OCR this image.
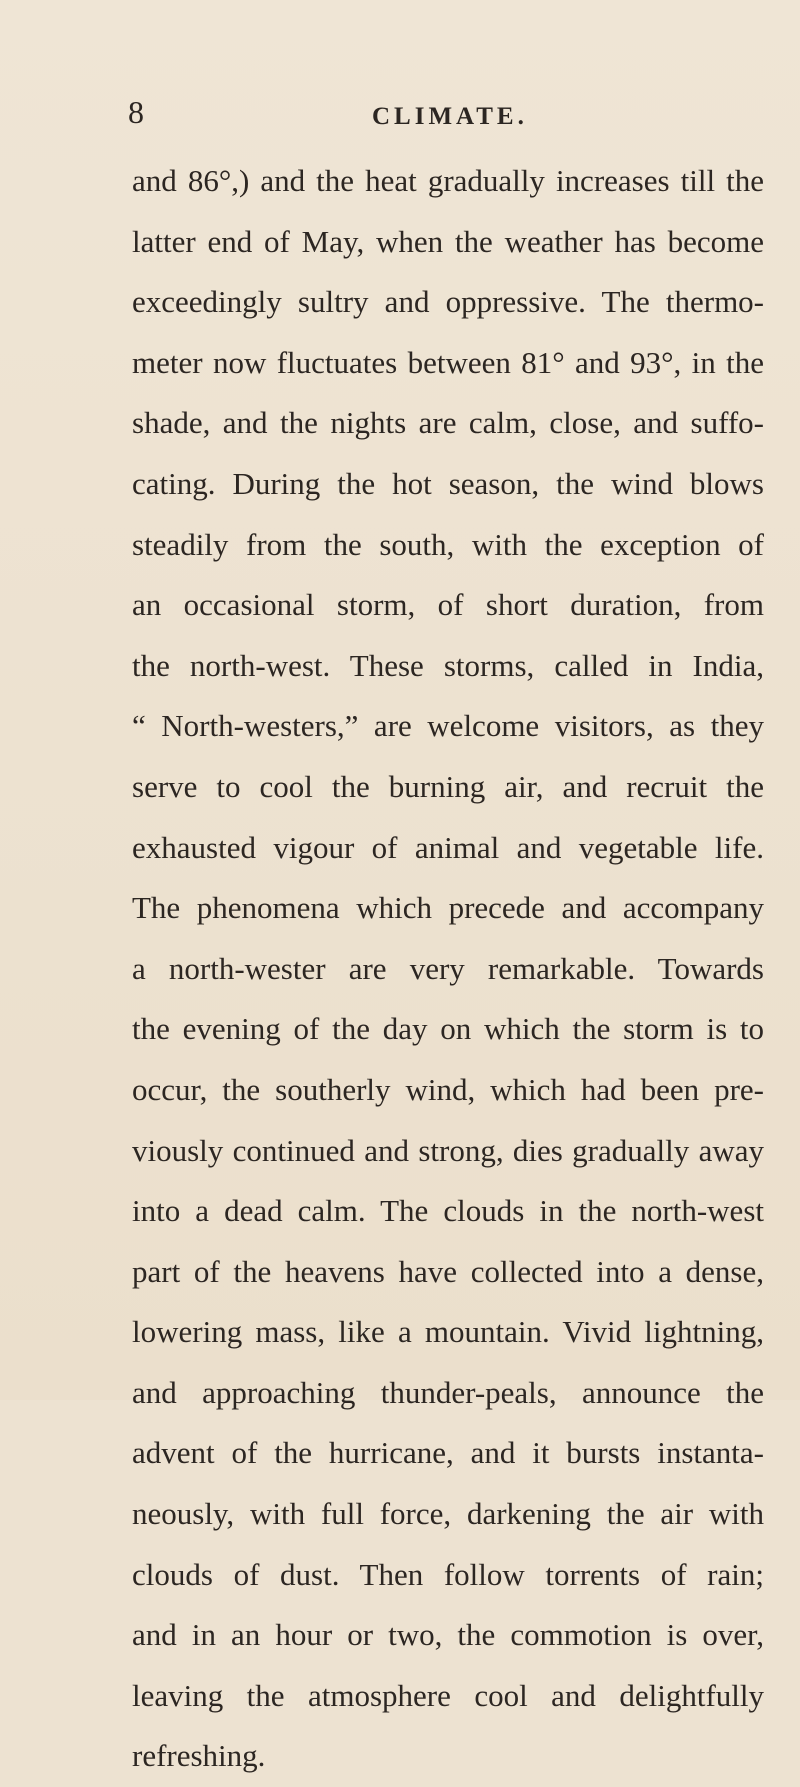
8	CLIMATE.
and 86°,) and the heat gradually increases till the
latter end of May, when the weather has become
exceedingly sultry and oppressive. The thermo-
meter now fluctuates between 81° and 93°, in the
shade, and the nights are calm, close, and suffo-
cating. During the hot season, the wind blows
steadily from the south, with the exception of
an occasional storm, of short duration, from
the north-west. These storms, called in India,
“ North-westers,” are welcome visitors, as they
serve to cool the burning air, and recruit the
exhausted vigour of animal and vegetable life.
The phenomena which precede and accompany
a north-wester are very remarkable. Towards
the evening of the day on which the storm is to
occur, the southerly wind, which had been pre-
viously continued and strong, dies gradually away
into a dead calm. The clouds in the north-west
part of the heavens have collected into a dense,
lowering mass, like a mountain. Vivid lightning,
and approaching thunder-peals, announce the
advent of the hurricane, and it bursts instanta-
neously, with full force, darkening the air with
clouds of dust. Then follow torrents of rain;
and in an hour or two, the commotion is over,
leaving the atmosphere cool and delightfully
refreshing.
